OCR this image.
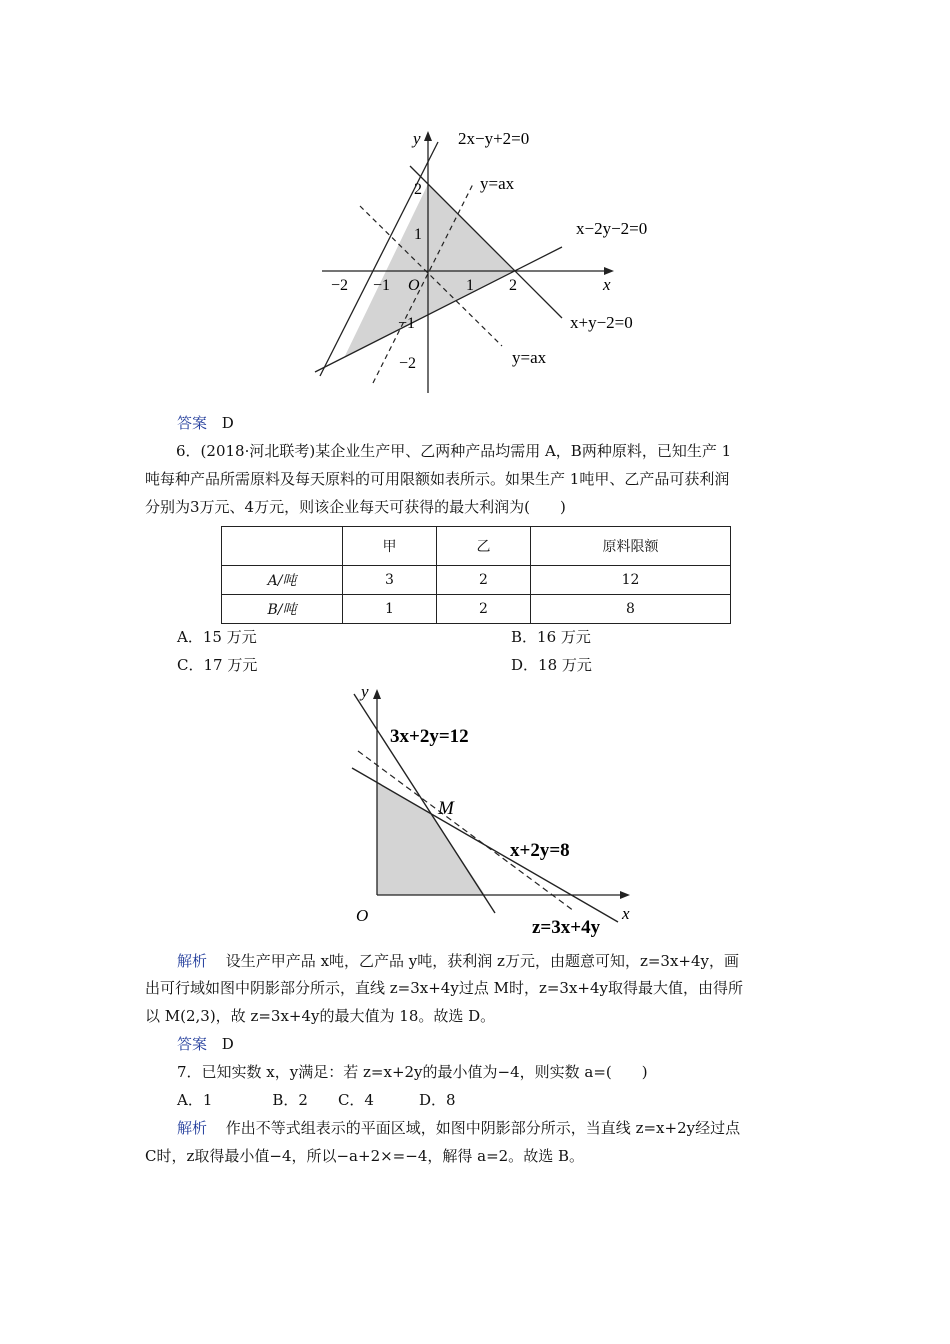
y
x
O
2x−y+2=0
y=ax
x−2y−2=0
x+y−2=0
y=ax
−2 −1	1 2
2
1
−1
−2
答案 D
6．(2018·河北联考)某企业生产甲、乙两种产品均需用 A，B两种原料，已知生产 1
吨每种产品所需原料及每天原料的可用限额如表所示。如果生产 1吨甲、乙产品可获利润
分别为3万元、4万元，则该企业每天可获得的最大利润为(　　)
	甲	乙	原料限额
A/吨	3	2	12
B/吨	1	2	8
A．15 万元	B．16 万元
C．17 万元	D．18 万元
y
x
O
M
3x+2y=12
x+2y=8
z=3x+4y
解析 设生产甲产品 x吨，乙产品 y吨，获利润 z万元，由题意可知，z=3x+4y，画
出可行域如图中阴影部分所示，直线 z=3x+4y过点 M时，z=3x+4y取得最大值，由得所
以 M(2,3)，故 z=3x+4y的最大值为 18。故选 D。
答案 D
7．已知实数 x，y满足：若 z=x+2y的最小值为−4，则实数 a=(　　)
A．1　　　　B．2　　C．4　　　D．8
解析 作出不等式组表示的平面区域，如图中阴影部分所示，当直线 z=x+2y经过点
C时，z取得最小值−4，所以−a+2×=−4，解得 a=2。故选 B。
